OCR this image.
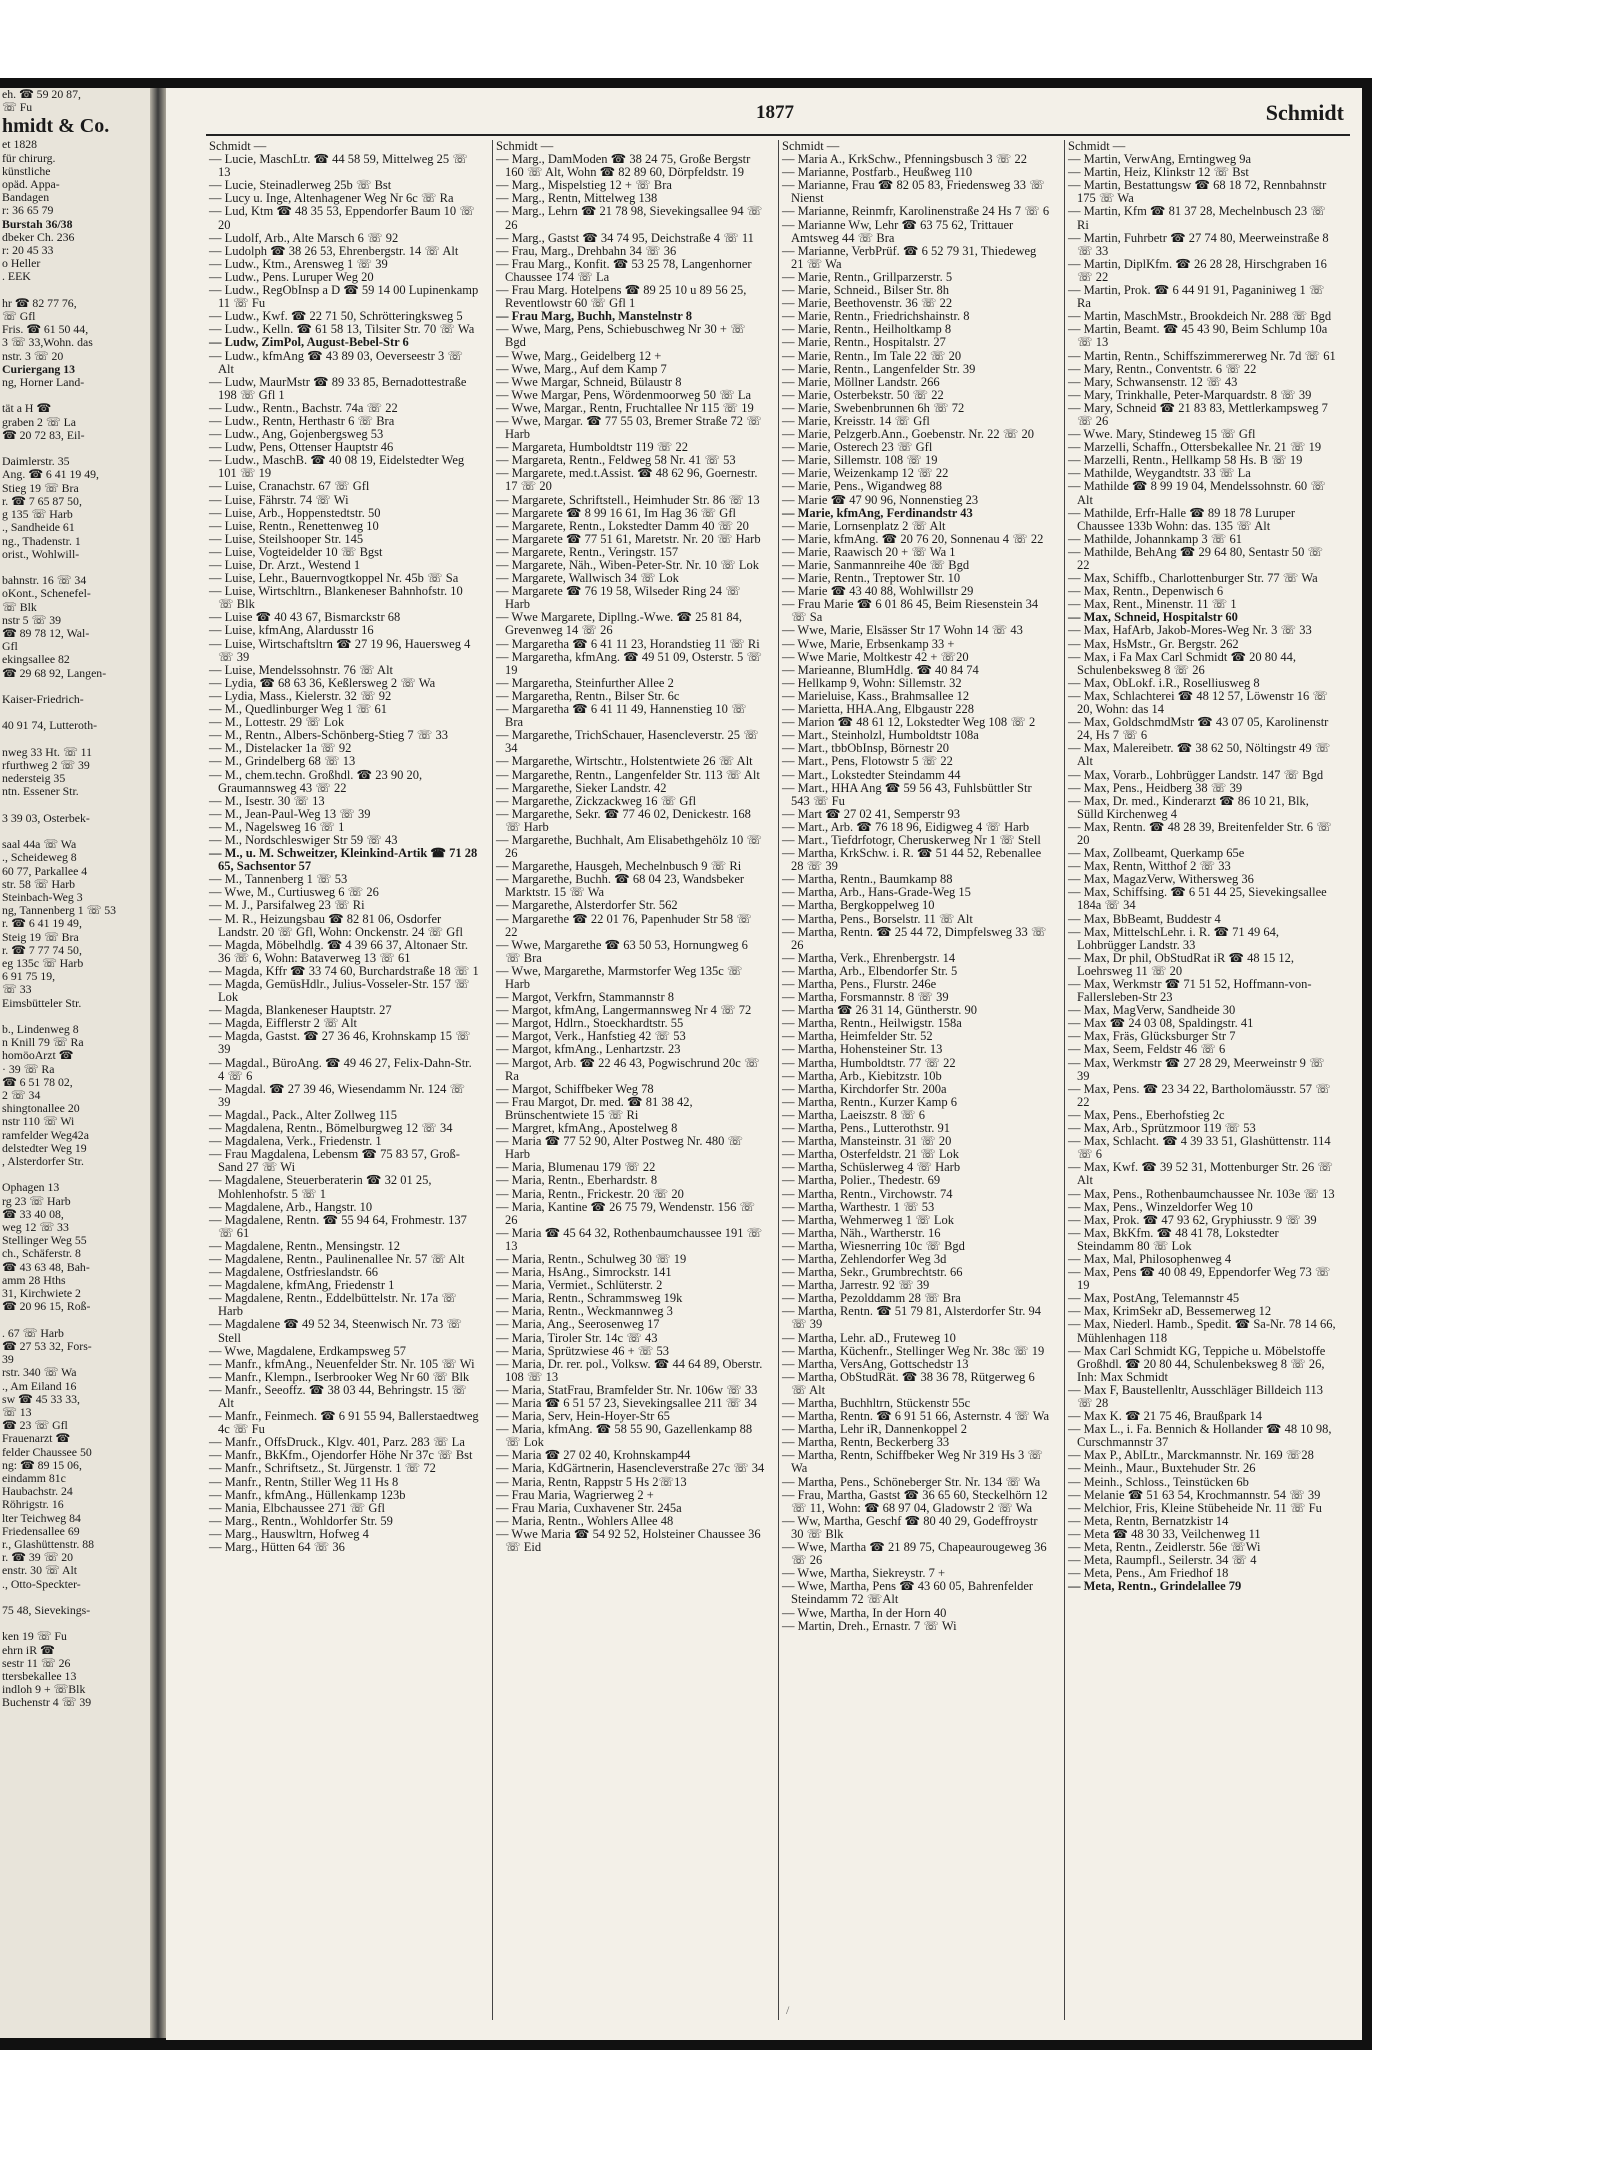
eh. ☎ 59 20 87,
☏ Fu
hmidt & Co.
et 1828
für chirurg.
künstliche
opäd. Appa-
Bandagen
r: 36 65 79
Burstah 36/38
dbeker Ch. 236
r: 20 45 33
o Heller
. EEK

hr ☎ 82 77 76,
☏ Gfl
Fris. ☎ 61 50 44,
3 ☏ 33,Wohn. das
nstr. 3 ☏ 20
Curiergang 13
ng, Horner Land-

tät a H ☎
graben 2 ☏ La
☎ 20 72 83, Eil-

Daimlerstr. 35
Ang. ☎ 6 41 19 49,
Stieg 19 ☏ Bra
r. ☎ 7 65 87 50,
g 135 ☏ Harb
., Sandheide 61
ng., Thadenstr. 1
orist., Wohlwill-

bahnstr. 16 ☏ 34
oKont., Schenefel-
☏ Blk
nstr 5 ☏ 39
☎ 89 78 12, Wal-
Gfl
ekingsallee 82
☎ 29 68 92, Langen-

Kaiser-Friedrich-

40 91 74, Lutteroth-

nweg 33 Ht. ☏ 11
rfurthweg 2 ☏ 39
nedersteig 35
ntn. Essener Str.

3 39 03, Osterbek-

saal 44a ☏ Wa
., Scheideweg 8
60 77, Parkallee 4
str. 58 ☏ Harb
Steinbach-Weg 3
ng, Tannenberg 1 ☏ 53
r. ☎ 6 41 19 49,
Steig 19 ☏ Bra
r. ☎ 7 77 74 50,
eg 135c ☏ Harb
6 91 75 19,
☏ 33
Eimsbütteler Str.

b., Lindenweg 8
n Knill 79 ☏ Ra
homöoArzt ☎
· 39 ☏ Ra
☎ 6 51 78 02,
2 ☏ 34
shingtonallee 20
nstr 110 ☏ Wi
ramfelder Weg42a
delstedter Weg 19
, Alsterdorfer Str.

Ophagen 13
rg 23 ☏ Harb
☎ 33 40 08,
weg 12 ☏ 33
Stellinger Weg 55
ch., Schäferstr. 8
☎ 43 63 48, Bah-
amm 28 Hths
31, Kirchwiete 2
☎ 20 96 15, Roß-

. 67 ☏ Harb
☎ 27 53 32, Fors-
39
rstr. 340 ☏ Wa
., Am Eiland 16
sw ☎ 45 33 33,
☏ 13
☎ 23 ☏ Gfl
Frauenarzt ☎
felder Chaussee 50
ng: ☎ 89 15 06,
eindamm 81c
Haubachstr. 24
Röhrigstr. 16
lter Teichweg 84
Friedensallee 69
r., Glashüttenstr. 88
r. ☎ 39 ☏ 20
enstr. 30 ☏ Alt
., Otto-Speckter-

75 48, Sievekings-

ken 19 ☏ Fu
ehrn iR ☎
sestr 11 ☏ 26
ttersbekallee 13
indloh 9 + ☏Blk
Buchenstr 4 ☏ 39
1877	Schmidt
Schmidt —
— Lucie, MaschLtr. ☎ 44 58 59, Mittelweg 25 ☏ 13
— Lucie, Steinadlerweg 25b ☏ Bst
— Lucy u. Inge, Altenhagener Weg Nr 6c ☏ Ra
— Lud, Ktm ☎ 48 35 53, Eppendorfer Baum 10 ☏ 20
— Ludolf, Arb., Alte Marsch 6 ☏ 92
— Ludolph ☎ 38 26 53, Ehrenbergstr. 14 ☏ Alt
— Ludw., Ktm., Arensweg 1 ☏ 39
— Ludw., Pens. Luruper Weg 20
— Ludw., RegObInsp a D ☎ 59 14 00 Lupinenkamp 11 ☏ Fu
— Ludw., Kwf. ☎ 22 71 50, Schrötteringksweg 5
— Ludw., Kelln. ☎ 61 58 13, Tilsiter Str. 70 ☏ Wa
— Ludw, ZimPol, August-Bebel-Str 6
— Ludw., kfmAng ☎ 43 89 03, Oeverseestr 3 ☏ Alt
— Ludw, MaurMstr ☎ 89 33 85, Bernadottestraße 198 ☏ Gfl 1
— Ludw., Rentn., Bachstr. 74a ☏ 22
— Ludw., Rentn, Herthastr 6 ☏ Bra
— Ludw., Ang, Gojenbergsweg 53
— Ludw, Pens, Ottenser Hauptstr 46
— Ludw., MaschB. ☎ 40 08 19, Eidelstedter Weg 101 ☏ 19
— Luise, Cranachstr. 67 ☏ Gfl
— Luise, Fährstr. 74 ☏ Wi
— Luise, Arb., Hoppenstedtstr. 50
— Luise, Rentn., Renettenweg 10
— Luise, Steilshooper Str. 145
— Luise, Vogteidelder 10 ☏ Bgst
— Luise, Dr. Arzt., Westend 1
— Luise, Lehr., Bauernvogtkoppel Nr. 45b ☏ Sa
— Luise, Wirtschltrn., Blankeneser Bahnhofstr. 10 ☏ Blk
— Luise ☎ 40 43 67, Bismarckstr 68
— Luise, kfmAng, Alardusstr 16
— Luise, Wirtschaftsltrn ☎ 27 19 96, Hauersweg 4 ☏ 39
— Luise, Mendelssohnstr. 76 ☏ Alt
— Lydia, ☎ 68 63 36, Keßlersweg 2 ☏ Wa
— Lydia, Mass., Kielerstr. 32 ☏ 92
— M., Quedlinburger Weg 1 ☏ 61
— M., Lottestr. 29 ☏ Lok
— M., Rentn., Albers-Schönberg-Stieg 7 ☏ 33
— M., Distelacker 1a ☏ 92
— M., Grindelberg 68 ☏ 13
— M., chem.techn. Großhdl. ☎ 23 90 20, Graumannsweg 43 ☏ 22
— M., Isestr. 30 ☏ 13
— M., Jean-Paul-Weg 13 ☏ 39
— M., Nagelsweg 16 ☏ 1
— M., Nordschleswiger Str 59 ☏ 43
— M., u. M. Schweitzer, Kleinkind-Artik ☎ 71 28 65, Sachsentor 57
— M., Tannenberg 1 ☏ 53
— Wwe, M., Curtiusweg 6 ☏ 26
— M. J., Parsifalweg 23 ☏ Ri
— M. R., Heizungsbau ☎ 82 81 06, Osdorfer Landstr. 20 ☏ Gfl, Wohn: Onckenstr. 24 ☏ Gfl
— Magda, Möbelhdlg. ☎ 4 39 66 37, Altonaer Str. 36 ☏ 6, Wohn: Bataverweg 13 ☏ 61
— Magda, Kffr ☎ 33 74 60, Burchardstraße 18 ☏ 1
— Magda, GemüsHdlr., Julius-Vosseler-Str. 157 ☏ Lok
— Magda, Blankeneser Hauptstr. 27
— Magda, Eifflerstr 2 ☏ Alt
— Magda, Gastst. ☎ 27 36 46, Krohnskamp 15 ☏ 39
— Magdal., BüroAng. ☎ 49 46 27, Felix-Dahn-Str. 4 ☏ 6
— Magdal. ☎ 27 39 46, Wiesendamm Nr. 124 ☏ 39
— Magdal., Pack., Alter Zollweg 115
— Magdalena, Rentn., Bömelburgweg 12 ☏ 34
— Magdalena, Verk., Friedenstr. 1
— Frau Magdalena, Lebensm ☎ 75 83 57, Groß-Sand 27 ☏ Wi
— Magdalene, Steuerberaterin ☎ 32 01 25, Mohlenhofstr. 5 ☏ 1
— Magdalene, Arb., Hangstr. 10
— Magdalene, Rentn. ☎ 55 94 64, Frohmestr. 137 ☏ 61
— Magdalene, Rentn., Mensingstr. 12
— Magdalene, Rentn., Paulinenallee Nr. 57 ☏ Alt
— Magdalene, Ostfrieslandstr. 66
— Magdalene, kfmAng, Friedenstr 1
— Magdalene, Rentn., Eddelbüttelstr. Nr. 17a ☏ Harb
— Magdalene ☎ 49 52 34, Steenwisch Nr. 73 ☏ Stell
— Wwe, Magdalene, Erdkampsweg 57
— Manfr., kfmAng., Neuenfelder Str. Nr. 105 ☏ Wi
— Manfr., Klempn., Iserbrooker Weg Nr 60 ☏ Blk
— Manfr., Seeoffz. ☎ 38 03 44, Behringstr. 15 ☏ Alt
— Manfr., Feinmech. ☎ 6 91 55 94, Ballerstaedtweg 4c ☏ Fu
— Manfr., OffsDruck., Klgv. 401, Parz. 283 ☏ La
— Manfr., BkKfm., Ojendorfer Höhe Nr 37c ☏ Bst
— Manfr., Schriftsetz., St. Jürgenstr. 1 ☏ 72
— Manfr., Rentn, Stiller Weg 11 Hs 8
— Manfr., kfmAng., Hüllenkamp 123b
— Mania, Elbchaussee 271 ☏ Gfl
— Marg., Rentn., Wohldorfer Str. 59
— Marg., Hauswltrn, Hofweg 4
— Marg., Hütten 64 ☏ 36
Schmidt —
— Marg., DamModen ☎ 38 24 75, Große Bergstr 160 ☏ Alt, Wohn ☎ 82 89 60, Dörpfeldstr. 19
— Marg., Mispelstieg 12 + ☏ Bra
— Marg., Rentn, Mittelweg 138
— Marg., Lehrn ☎ 21 78 98, Sievekingsallee 94 ☏ 26
— Marg., Gastst ☎ 34 74 95, Deichstraße 4 ☏ 11
— Frau, Marg., Drehbahn 34 ☏ 36
— Frau Marg., Konfit. ☎ 53 25 78, Langenhorner Chaussee 174 ☏ La
— Frau Marg. Hotelpens ☎ 89 25 10 u 89 56 25, Reventlowstr 60 ☏ Gfl 1
— Frau Marg, Buchh, Manstelnstr 8
— Wwe, Marg, Pens, Schiebuschweg Nr 30 + ☏ Bgd
— Wwe, Marg., Geidelberg 12 +
— Wwe, Marg., Auf dem Kamp 7
— Wwe Margar, Schneid, Bülaustr 8
— Wwe Margar, Pens, Wördenmoorweg 50 ☏ La
— Wwe, Margar., Rentn, Fruchtallee Nr 115 ☏ 19
— Wwe, Margar. ☎ 77 55 03, Bremer Straße 72 ☏ Harb
— Margareta, Humboldtstr 119 ☏ 22
— Margareta, Rentn., Feldweg 58 Nr. 41 ☏ 53
— Margarete, med.t.Assist. ☎ 48 62 96, Goernestr. 17 ☏ 20
— Margarete, Schriftstell., Heimhuder Str. 86 ☏ 13
— Margarete ☎ 8 99 16 61, Im Hag 36 ☏ Gfl
— Margarete, Rentn., Lokstedter Damm 40 ☏ 20
— Margarete ☎ 77 51 61, Maretstr. Nr. 20 ☏ Harb
— Margarete, Rentn., Veringstr. 157
— Margarete, Näh., Wiben-Peter-Str. Nr. 10 ☏ Lok
— Margarete, Wallwisch 34 ☏ Lok
— Margarete ☎ 76 19 58, Wilseder Ring 24 ☏ Harb
— Wwe Margarete, Dipllng.-Wwe. ☎ 25 81 84, Grevenweg 14 ☏ 26
— Margaretha ☎ 6 41 11 23, Horandstieg 11 ☏ Ri
— Margaretha, kfmAng. ☎ 49 51 09, Osterstr. 5 ☏ 19
— Margaretha, Steinfurther Allee 2
— Margaretha, Rentn., Bilser Str. 6c
— Margaretha ☎ 6 41 11 49, Hannenstieg 10 ☏ Bra
— Margarethe, TrichSchauer, Hasencleverstr. 25 ☏ 34
— Margarethe, Wirtschtr., Holstentwiete 26 ☏ Alt
— Margarethe, Rentn., Langenfelder Str. 113 ☏ Alt
— Margarethe, Sieker Landstr. 42
— Margarethe, Zickzackweg 16 ☏ Gfl
— Margarethe, Sekr. ☎ 77 46 02, Denickestr. 168 ☏ Harb
— Margarethe, Buchhalt, Am Elisabethgehölz 10 ☏ 26
— Margarethe, Hausgeh, Mechelnbusch 9 ☏ Ri
— Margarethe, Buchh. ☎ 68 04 23, Wandsbeker Marktstr. 15 ☏ Wa
— Margarethe, Alsterdorfer Str. 562
— Margarethe ☎ 22 01 76, Papenhuder Str 58 ☏ 22
— Wwe, Margarethe ☎ 63 50 53, Hornungweg 6 ☏ Bra
— Wwe, Margarethe, Marmstorfer Weg 135c ☏ Harb
— Margot, Verkfrn, Stammannstr 8
— Margot, kfmAng, Langermannsweg Nr 4 ☏ 72
— Margot, Hdlrn., Stoeckhardtstr. 55
— Margot, Verk., Hanfstieg 42 ☏ 53
— Margot, kfmAng., Lenhartzstr. 23
— Margot, Arb. ☎ 22 46 43, Pogwischrund 20c ☏ Ra
— Margot, Schiffbeker Weg 78
— Frau Margot, Dr. med. ☎ 81 38 42, Brünschentwiete 15 ☏ Ri
— Margret, kfmAng., Apostelweg 8
— Maria ☎ 77 52 90, Alter Postweg Nr. 480 ☏ Harb
— Maria, Blumenau 179 ☏ 22
— Maria, Rentn., Eberhardstr. 8
— Maria, Rentn., Frickestr. 20 ☏ 20
— Maria, Kantine ☎ 26 75 79, Wendenstr. 156 ☏ 26
— Maria ☎ 45 64 32, Rothenbaumchaussee 191 ☏ 13
— Maria, Rentn., Schulweg 30 ☏ 19
— Maria, HsAng., Simrockstr. 141
— Maria, Vermiet., Schlüterstr. 2
— Maria, Rentn., Schrammsweg 19k
— Maria, Rentn., Weckmannweg 3
— Maria, Ang., Seerosenweg 17
— Maria, Tiroler Str. 14c ☏ 43
— Maria, Sprützwiese 46 + ☏ 53
— Maria, Dr. rer. pol., Volksw. ☎ 44 64 89, Oberstr. 108 ☏ 13
— Maria, StatFrau, Bramfelder Str. Nr. 106w ☏ 33
— Maria ☎ 6 51 57 23, Sievekingsallee 211 ☏ 34
— Maria, Serv, Hein-Hoyer-Str 65
— Maria, kfmAng. ☎ 58 55 90, Gazellenkamp 88 ☏ Lok
— Maria ☎ 27 02 40, Krohnskamp44
— Maria, KdGärtnerin, Hasencleverstraße 27c ☏ 34
— Maria, Rentn, Rappstr 5 Hs 2☏13
— Frau Maria, Wagrierweg 2 +
— Frau Maria, Cuxhavener Str. 245a
— Maria, Rentn., Wohlers Allee 48
— Wwe Maria ☎ 54 92 52, Holsteiner Chaussee 36 ☏ Eid
Schmidt —
— Maria A., KrkSchw., Pfenningsbusch 3 ☏ 22
— Marianne, Postfarb., Heußweg 110
— Marianne, Frau ☎ 82 05 83, Friedensweg 33 ☏ Nienst
— Marianne, Reinmfr, Karolinenstraße 24 Hs 7 ☏ 6
— Marianne Ww, Lehr ☎ 63 75 62, Trittauer Amtsweg 44 ☏ Bra
— Marianne, VerbPrüf. ☎ 6 52 79 31, Thiedeweg 21 ☏ Wa
— Marie, Rentn., Grillparzerstr. 5
— Marie, Schneid., Bilser Str. 8h
— Marie, Beethovenstr. 36 ☏ 22
— Marie, Rentn., Friedrichshainstr. 8
— Marie, Rentn., Heilholtkamp 8
— Marie, Rentn., Hospitalstr. 27
— Marie, Rentn., Im Tale 22 ☏ 20
— Marie, Rentn., Langenfelder Str. 39
— Marie, Möllner Landstr. 266
— Marie, Osterbekstr. 50 ☏ 22
— Marie, Swebenbrunnen 6h ☏ 72
— Marie, Kreisstr. 14 ☏ Gfl
— Marie, Pelzgerb.Ann., Goebenstr. Nr. 22 ☏ 20
— Marie, Osterech 23 ☏ Gfl
— Marie, Sillemstr. 108 ☏ 19
— Marie, Weizenkamp 12 ☏ 22
— Marie, Pens., Wigandweg 88
— Marie ☎ 47 90 96, Nonnenstieg 23
— Marie, kfmAng, Ferdinandstr 43
— Marie, Lornsenplatz 2 ☏ Alt
— Marie, kfmAng. ☎ 20 76 20, Sonnenau 4 ☏ 22
— Marie, Raawisch 20 + ☏ Wa 1
— Marie, Sanmannreihe 40e ☏ Bgd
— Marie, Rentn., Treptower Str. 10
— Marie ☎ 43 40 88, Wohlwillstr 29
— Frau Marie ☎ 6 01 86 45, Beim Riesenstein 34 ☏ Sa
— Wwe, Marie, Elsässer Str 17 Wohn 14 ☏ 43
— Wwe, Marie, Erbsenkamp 33 +
— Wwe Marie, Moltkestr 42 + ☏20
— Marieanne, BlumHdlg. ☎ 40 84 74
— Hellkamp 9, Wohn: Sillemstr. 32
— Marieluise, Kass., Brahmsallee 12
— Marietta, HHA.Ang, Elbgaustr 228
— Marion ☎ 48 61 12, Lokstedter Weg 108 ☏ 2
— Mart., Steinholzl, Humboldtstr 108a
— Mart., tbbObInsp, Börnestr 20
— Mart., Pens, Flotowstr 5 ☏ 22
— Mart., Lokstedter Steindamm 44
— Mart., HHA Ang ☎ 59 56 43, Fuhlsbüttler Str 543 ☏ Fu
— Mart ☎ 27 02 41, Semperstr 93
— Mart., Arb. ☎ 76 18 96, Eidigweg 4 ☏ Harb
— Mart., Tiefdrfotogr, Cheruskerweg Nr 1 ☏ Stell
— Martha, KrkSchw. i. R. ☎ 51 44 52, Rebenallee 28 ☏ 39
— Martha, Rentn., Baumkamp 88
— Martha, Arb., Hans-Grade-Weg 15
— Martha, Bergkoppelweg 10
— Martha, Pens., Borselstr. 11 ☏ Alt
— Martha, Rentn. ☎ 25 44 72, Dimpfelsweg 33 ☏ 26
— Martha, Verk., Ehrenbergstr. 14
— Martha, Arb., Elbendorfer Str. 5
— Martha, Pens., Flurstr. 246e
— Martha, Forsmannstr. 8 ☏ 39
— Martha ☎ 26 31 14, Güntherstr. 90
— Martha, Rentn., Heilwigstr. 158a
— Martha, Heimfelder Str. 52
— Martha, Hohensteiner Str. 13
— Martha, Humboldtstr. 77 ☏ 22
— Martha, Arb., Kiebitzstr. 10b
— Martha, Kirchdorfer Str. 200a
— Martha, Rentn., Kurzer Kamp 6
— Martha, Laeiszstr. 8 ☏ 6
— Martha, Pens., Lutterothstr. 91
— Martha, Mansteinstr. 31 ☏ 20
— Martha, Osterfeldstr. 21 ☏ Lok
— Martha, Schüslerweg 4 ☏ Harb
— Martha, Polier., Thedestr. 69
— Martha, Rentn., Virchowstr. 74
— Martha, Warthestr. 1 ☏ 53
— Martha, Wehmerweg 1 ☏ Lok
— Martha, Näh., Wartherstr. 16
— Martha, Wiesnerring 10c ☏ Bgd
— Martha, Zehlendorfer Weg 3d
— Martha, Sekr., Grumbrechtstr. 66
— Martha, Jarrestr. 92 ☏ 39
— Martha, Pezolddamm 28 ☏ Bra
— Martha, Rentn. ☎ 51 79 81, Alsterdorfer Str. 94 ☏ 39
— Martha, Lehr. aD., Fruteweg 10
— Martha, Küchenfr., Stellinger Weg Nr. 38c ☏ 19
— Martha, VersAng, Gottschedstr 13
— Martha, ObStudRät. ☎ 38 36 78, Rütgerweg 6 ☏ Alt
— Martha, Buchhltrn, Stückenstr 55c
— Martha, Rentn. ☎ 6 91 51 66, Asternstr. 4 ☏ Wa
— Martha, Lehr iR, Dannenkoppel 2
— Martha, Rentn, Beckerberg 33
— Martha, Rentn, Schiffbeker Weg Nr 319 Hs 3 ☏ Wa
— Martha, Pens., Schöneberger Str. Nr. 134 ☏ Wa
— Frau, Martha, Gastst ☎ 36 65 60, Steckelhörn 12 ☏ 11, Wohn: ☎ 68 97 04, Gladowstr 2 ☏ Wa
— Ww, Martha, Geschf ☎ 80 40 29, Godeffroystr 30 ☏ Blk
— Wwe, Martha ☎ 21 89 75, Chapeaurougeweg 36 ☏ 26
— Wwe, Martha, Siekreystr. 7 +
— Wwe, Martha, Pens ☎ 43 60 05, Bahrenfelder Steindamm 72 ☏Alt
— Wwe, Martha, In der Horn 40
— Martin, Dreh., Ernastr. 7 ☏ Wi
Schmidt —
— Martin, VerwAng, Erntingweg 9a
— Martin, Heiz, Klinkstr 12 ☏ Bst
— Martin, Bestattungsw ☎ 68 18 72, Rennbahnstr 175 ☏ Wa
— Martin, Kfm ☎ 81 37 28, Mechelnbusch 23 ☏ Ri
— Martin, Fuhrbetr ☎ 27 74 80, Meerweinstraße 8 ☏ 33
— Martin, DiplKfm. ☎ 26 28 28, Hirschgraben 16 ☏ 22
— Martin, Prok. ☎ 6 44 91 91, Paganiniweg 1 ☏ Ra
— Martin, MaschMstr., Brookdeich Nr. 288 ☏ Bgd
— Martin, Beamt. ☎ 45 43 90, Beim Schlump 10a ☏ 13
— Martin, Rentn., Schiffszimmererweg Nr. 7d ☏ 61
— Mary, Rentn., Conventstr. 6 ☏ 22
— Mary, Schwansenstr. 12 ☏ 43
— Mary, Trinkhalle, Peter-Marquardstr. 8 ☏ 39
— Mary, Schneid ☎ 21 83 83, Mettlerkampsweg 7 ☏ 26
— Wwe. Mary, Stindeweg 15 ☏ Gfl
— Marzelli, Schaffn., Ottersbekallee Nr. 21 ☏ 19
— Marzelli, Rentn., Hellkamp 58 Hs. B ☏ 19
— Mathilde, Weygandtstr. 33 ☏ La
— Mathilde ☎ 8 99 19 04, Mendelssohnstr. 60 ☏ Alt
— Mathilde, Erfr-Halle ☎ 89 18 78 Luruper Chaussee 133b Wohn: das. 135 ☏ Alt
— Mathilde, Johannkamp 3 ☏ 61
— Mathilde, BehAng ☎ 29 64 80, Sentastr 50 ☏ 22
— Max, Schiffb., Charlottenburger Str. 77 ☏ Wa
— Max, Rentn., Depenwisch 6
— Max, Rent., Minenstr. 11 ☏ 1
— Max, Schneid, Hospitalstr 60
— Max, HafArb, Jakob-Mores-Weg Nr. 3 ☏ 33
— Max, HsMstr., Gr. Bergstr. 262
— Max, i Fa Max Carl Schmidt ☎ 20 80 44, Schulenbeksweg 8 ☏ 26
— Max, ObLokf. i.R., Roselliusweg 8
— Max, Schlachterei ☎ 48 12 57, Löwenstr 16 ☏ 20, Wohn: das 14
— Max, GoldschmdMstr ☎ 43 07 05, Karolinenstr 24, Hs 7 ☏ 6
— Max, Malereibetr. ☎ 38 62 50, Nöltingstr 49 ☏ Alt
— Max, Vorarb., Lohbrügger Landstr. 147 ☏ Bgd
— Max, Pens., Heidberg 38 ☏ 39
— Max, Dr. med., Kinderarzt ☎ 86 10 21, Blk, Sülld Kirchenweg 4
— Max, Rentn. ☎ 48 28 39, Breitenfelder Str. 6 ☏ 20
— Max, Zollbeamt, Querkamp 65e
— Max, Rentn, Witthof 2 ☏ 33
— Max, MagazVerw, Withersweg 36
— Max, Schiffsing. ☎ 6 51 44 25, Sievekingsallee 184a ☏ 34
— Max, BbBeamt, Buddestr 4
— Max, MittelschLehr. i. R. ☎ 71 49 64, Lohbrügger Landstr. 33
— Max, Dr phil, ObStudRat iR ☎ 48 15 12, Loehrsweg 11 ☏ 20
— Max, Werkmstr ☎ 71 51 52, Hoffmann-von-Fallersleben-Str 23
— Max, MagVerw, Sandheide 30
— Max ☎ 24 03 08, Spaldingstr. 41
— Max, Fräs, Glücksburger Str 7
— Max, Seem, Feldstr 46 ☏ 6
— Max, Werkmstr ☎ 27 28 29, Meerweinstr 9 ☏ 39
— Max, Pens. ☎ 23 34 22, Bartholomäusstr. 57 ☏ 22
— Max, Pens., Eberhofstieg 2c
— Max, Arb., Sprützmoor 119 ☏ 53
— Max, Schlacht. ☎ 4 39 33 51, Glashüttenstr. 114 ☏ 6
— Max, Kwf. ☎ 39 52 31, Mottenburger Str. 26 ☏ Alt
— Max, Pens., Rothenbaumchaussee Nr. 103e ☏ 13
— Max, Pens., Winzeldorfer Weg 10
— Max, Prok. ☎ 47 93 62, Gryphiusstr. 9 ☏ 39
— Max, BkKfm. ☎ 48 41 78, Lokstedter Steindamm 80 ☏ Lok
— Max, Mal, Philosophenweg 4
— Max, Pens ☎ 40 08 49, Eppendorfer Weg 73 ☏ 19
— Max, PostAng, Telemannstr 45
— Max, KrimSekr aD, Bessemerweg 12
— Max, Niederl. Hamb., Spedit. ☎ Sa-Nr. 78 14 66, Mühlenhagen 118
— Max Carl Schmidt KG, Teppiche u. Möbelstoffe Großhdl. ☎ 20 80 44, Schulenbeksweg 8 ☏ 26, Inh: Max Schmidt
— Max F, Baustellenltr, Ausschläger Billdeich 113 ☏ 28
— Max K. ☎ 21 75 46, Braußpark 14
— Max L., i. Fa. Bennich & Hollander ☎ 48 10 98, Curschmannstr 37
— Max P., AblLtr., Marckmannstr. Nr. 169 ☏28
— Meinh., Maur., Buxtehuder Str. 26
— Meinh., Schloss., Teinstücken 6b
— Melanie ☎ 51 63 54, Krochmannstr. 54 ☏ 39
— Melchior, Fris, Kleine Stübeheide Nr. 11 ☏ Fu
— Meta, Rentn, Bernatzkistr 14
— Meta ☎ 48 30 33, Veilchenweg 11
— Meta, Rentn., Zeidlerstr. 56e ☏Wi
— Meta, Raumpfl., Seilerstr. 34 ☏ 4
— Meta, Pens., Am Friedhof 18
— Meta, Rentn., Grindelallee 79
/
